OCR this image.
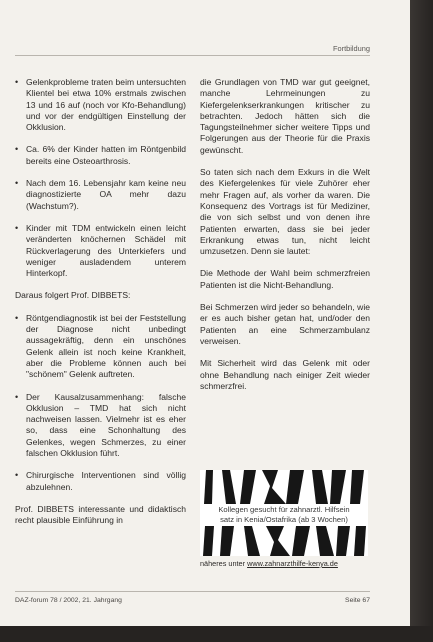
Fortbildung
• Gelenkprobleme traten beim untersuchten Klientel bei etwa 10% erstmals zwischen 13 und 16 auf (noch vor Kfo-Behandlung) und vor der endgültigen Einstellung der Okklusion.
• Ca. 6% der Kinder hatten im Röntgenbild bereits eine Osteoarthrosis.
• Nach dem 16. Lebensjahr kam keine neu diagnostizierte OA mehr dazu (Wachstum?).
• Kinder mit TDM entwickeln einen leicht veränderten knöchernen Schädel mit Rückverlagerung des Unterkiefers und weniger ausladendem unterem Hinterkopf.

Daraus folgert Prof. DIBBETS:

• Röntgendiagnostik ist bei der Feststellung der Diagnose nicht unbedingt aussagekräftig, denn ein unschönes Gelenk allein ist noch keine Krankheit, aber die Probleme können auch bei "schönem" Gelenk auftreten.
• Der Kausalzusammenhang: falsche Okklusion – TMD hat sich nicht nachweisen lassen. Vielmehr ist es eher so, dass eine Schonhaltung des Gelenkes, wegen Schmerzes, zu einer falschen Okklusion führt.
• Chirurgische Interventionen sind völlig abzulehnen.

Prof. DIBBETS interessante und didaktisch recht plausible Einführung in

die Grundlagen von TMD war gut geeignet, manche Lehrmeinungen zu Kiefergelenkserkrankungen kritischer zu betrachten. Jedoch hätten sich die Tagungsteilnehmer sicher weitere Tipps und Folgerungen aus der Theorie für die Praxis gewünscht.

So taten sich nach dem Exkurs in die Welt des Kiefergelenkes für viele Zuhörer eher mehr Fragen auf, als vorher da waren. Die Konsequenz des Vortrags ist für Mediziner, die von sich selbst und von denen ihre Patienten erwarten, dass sie bei jeder Erkrankung etwas tun, nicht leicht umzusetzen. Denn sie lautet:

Die Methode der Wahl beim schmerzfreien Patienten ist die Nicht-Behandlung.

Bei Schmerzen wird jeder so behandeln, wie er es auch bisher getan hat, und/oder den Patienten an eine Schmerzambulanz verweisen.

Mit Sicherheit wird das Gelenk mit oder ohne Behandlung nach einiger Zeit wieder schmerzfrei.

Kollegen gesucht für zahnarztl. Hilfsein
satz in Kenia/Ostafrika (ab 3 Wochen)
näheres unter www.zahnarzthilfe-kenya.de
DAZ-forum 78 / 2002, 21. Jahrgang	Seite 67
